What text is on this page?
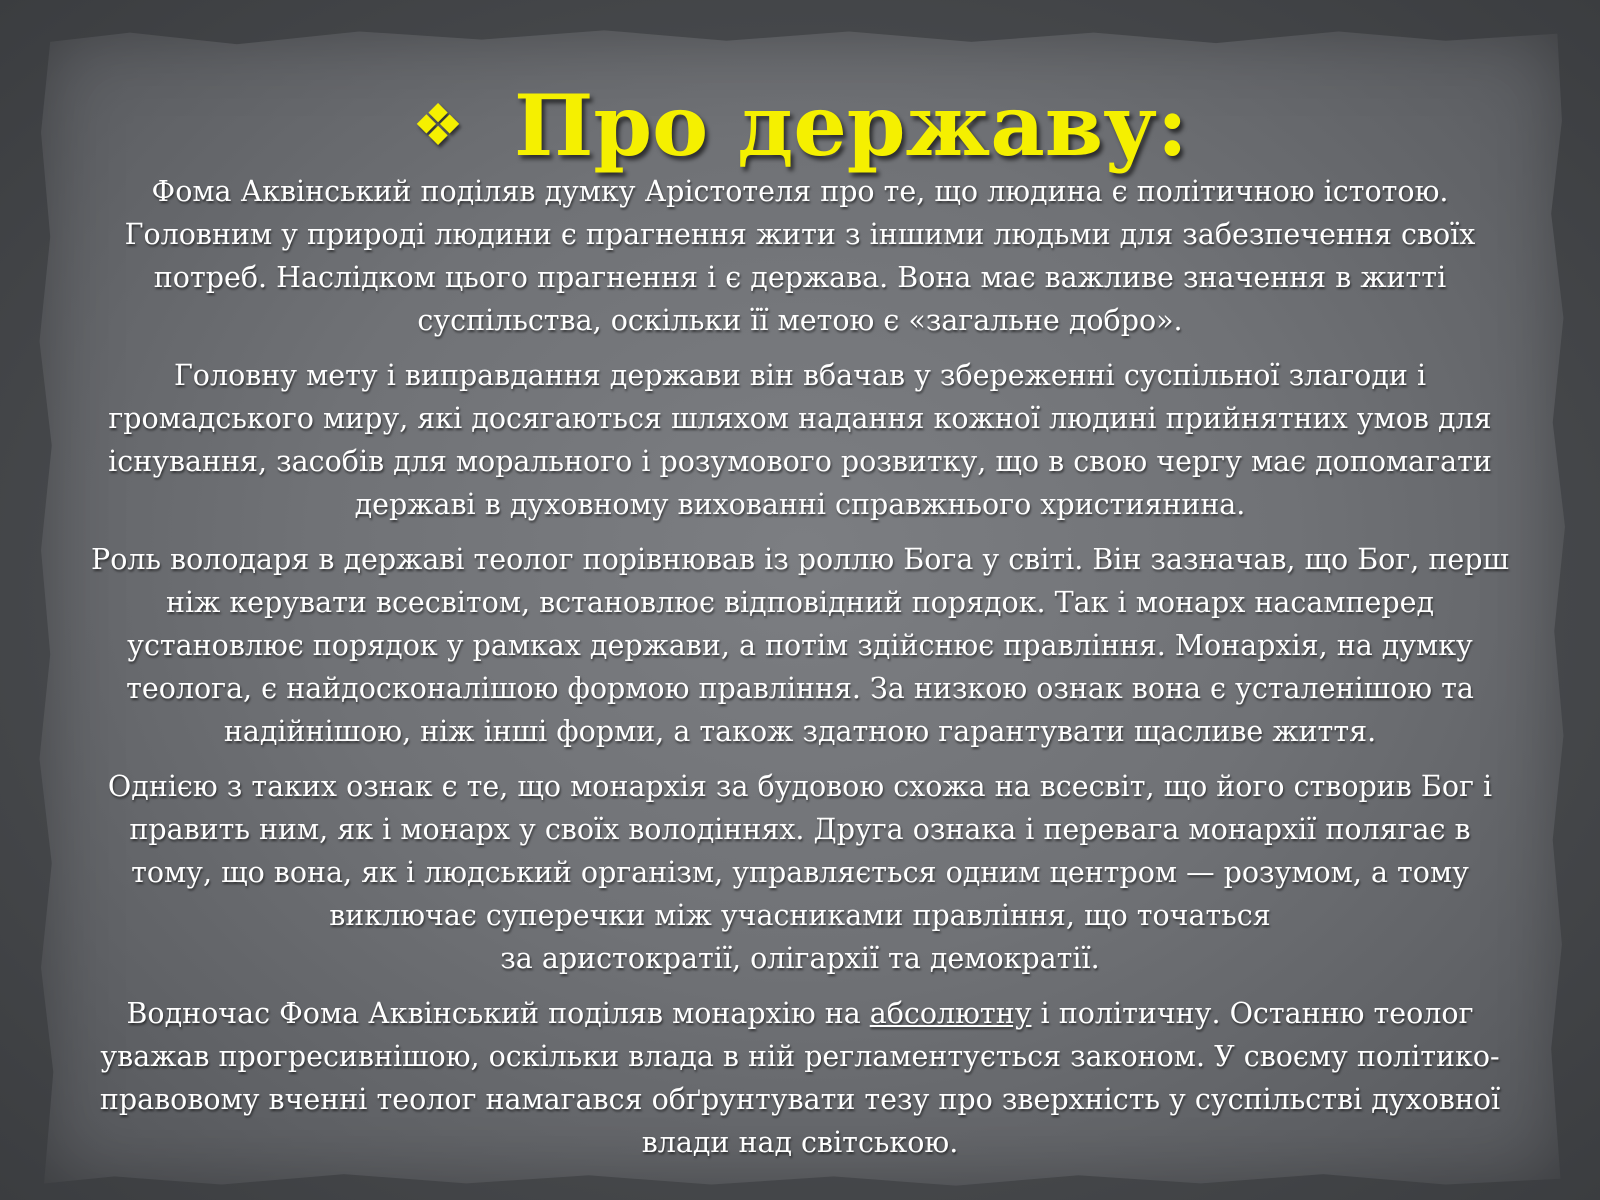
❖ Про державу:

Фома Аквінський поділяв думку Арістотеля про те, що людина є політичною істотою.
Головним у природі людини є прагнення жити з іншими людьми для забезпечення своїх
потреб. Наслідком цього прагнення і є держава. Вона має важливе значення в житті
суспільства, оскільки її метою є «загальне добро».

Головну мету і виправдання держави він вбачав у збереженні суспільної злагоди і
громадського миру, які досягаються шляхом надання кожної людині прийнятних умов для
існування, засобів для морального і розумового розвитку, що в свою чергу має допомагати
державі в духовному вихованні справжнього християнина.

Роль володаря в державі теолог порівнював із роллю Бога у світі. Він зазначав, що Бог, перш
ніж керувати всесвітом, встановлює відповідний порядок. Так і монарх насамперед
установлює порядок у рамках держави, а потім здійснює правління. Монархія, на думку
теолога, є найдосконалішою формою правління. За низкою ознак вона є усталенішою та
надійнішою, ніж інші форми, а також здатною гарантувати щасливе життя.

Однією з таких ознак є те, що монархія за будовою схожа на всесвіт, що його створив Бог і
править ним, як і монарх у своїх володіннях. Друга ознака і перевага монархії полягає в
тому, що вона, як і людський організм, управляється одним центром — розумом, а тому
виключає суперечки між учасниками правління, що точаться
за аристократії, олігархії та демократії.

Водночас Фома Аквінський поділяв монархію на абсолютну і політичну. Останню теолог
уважав прогресивнішою, оскільки влада в ній регламентується законом. У своєму політико-
правовому вченні теолог намагався обґрунтувати тезу про зверхність у суспільстві духовної
влади над світською.
